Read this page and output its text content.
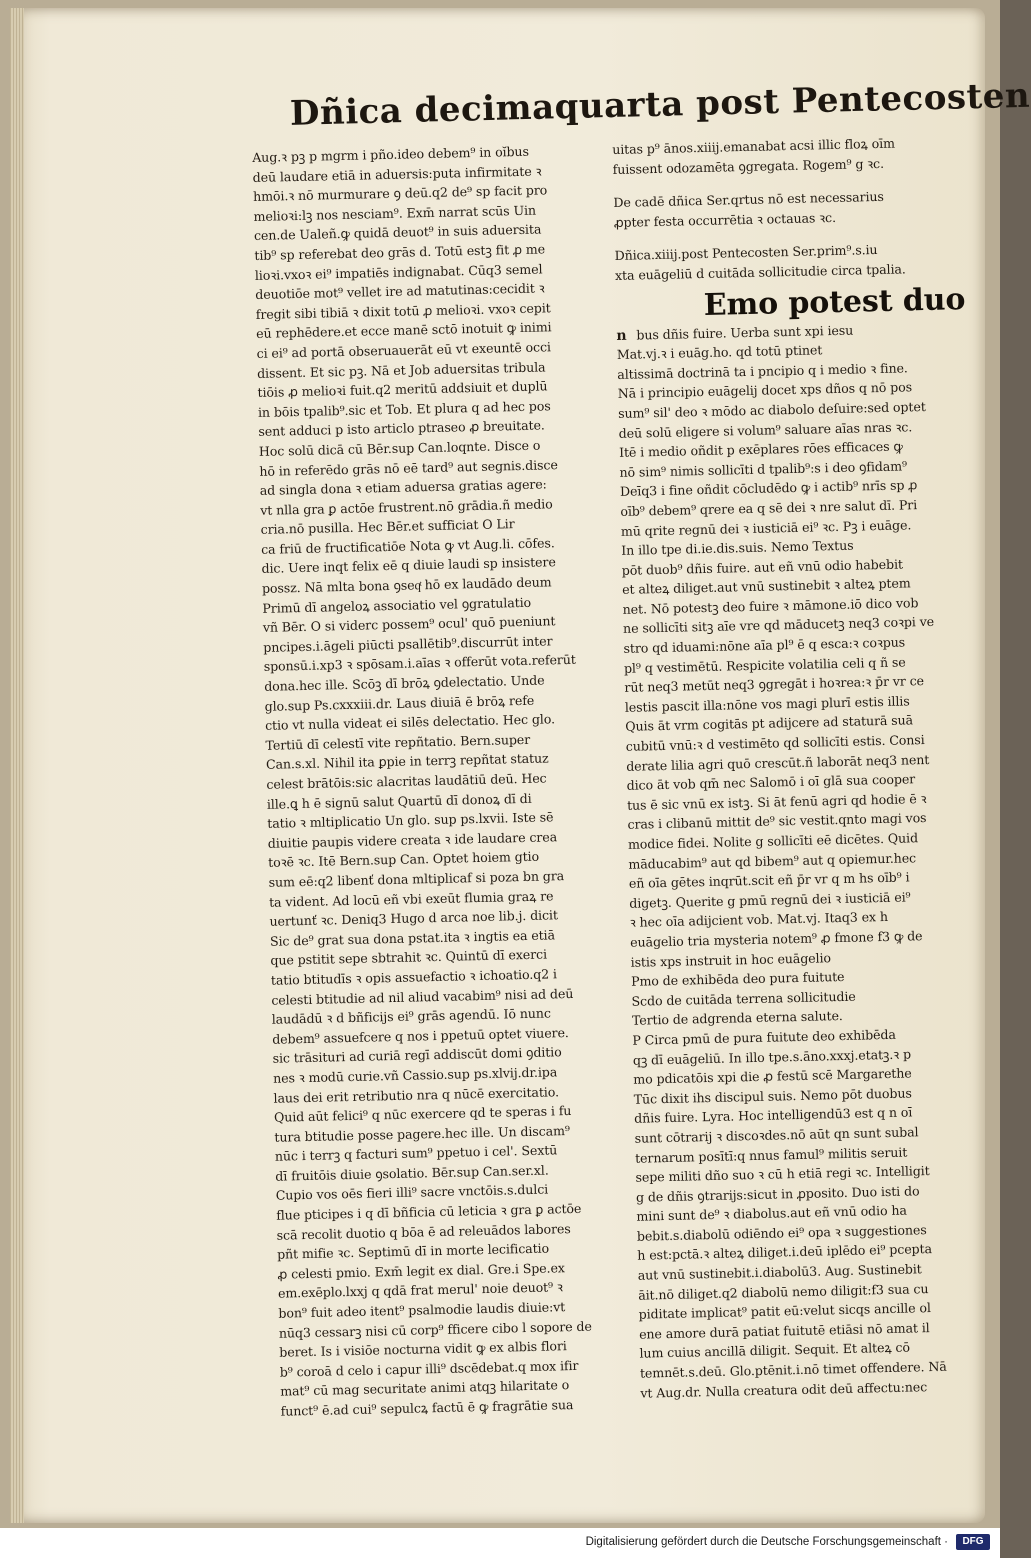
Dñica decimaquarta post Pentecosten
Aug.ꝛ pꝫ p mgrm i pño.ideo debem⁹ in oĭbus
deū laudare etiā in aduersis:puta infirmitate ꝛ
hmōi.ꝛ nō murmurare ꝯ deū.q2 de⁹ sp facit pro
melioꝛi:lꝫ nos nesciam⁹. Exm̄ narrat scūs Uin
cen.de Ualeñ.ꝙ quidā deuot⁹ in suis aduersita
tib⁹ sp referebat deo grās d. Totū estꝫ fit ꝓ me
lioꝛi.vxoꝛ ei⁹ impatiēs indignabat. Cūq3 semel
deuotiōe mot⁹ vellet ire ad matutinas:cecidit ꝛ
fregit sibi tibiā ꝛ dixit totū ꝓ melioꝛi. vxoꝛ cepit
eū rephēdere.et ecce manē sctō inotuit ꝙ inimi
ci ei⁹ ad portā obseruauerāt eū vt exeuntē occi
dissent. Et sic pꝫ. Nā et Job aduersitas tribula
tiōis ꝓ melioꝛi fuit.q2 meritū addsiuit et duplū
in bōis tpalib⁹.sic et Tob. Et plura q ad hec pos
sent adduci p isto articlo ptraseo ꝓ breuitate.
Hoc solū dicā cū Bēr.sup Can.loqnte. Disce o
hō in referēdo grās nō eē tard⁹ aut segnis.disce
ad singla dona ꝛ etiam aduersa gratias agere:
vt nlla gra ꝑ actōe frustrent.nō grādia.ñ medio
cria.nō pusilla. Hec Bēr.et sufficiat O Lir
ca friū de fructificatiōe Nota ꝙ vt Aug.li. cōfes.
dic. Uere inqt felix eē q diuie laudi sp insistere
possz. Nā mlta bona ꝯseqͭ hō ex laudādo deum
Primū dī angeloꝝ associatio vel ꝯgratulatio
vñ Bēr. O si viderc possem⁹ ocul' quō pueniunt
pncipes.i.āgeli piūcti psallētib⁹.discurrūt inter
sponsū.i.xp3 ꝛ spōsam.i.aīas ꝛ offerūt vota.referūt
dona.hec ille. Scōꝫ dī brōꝝ ꝯdelectatio. Unde
glo.sup Ps.cxxxiii.dr. Laus diuiā ē brōꝝ refe
ctio vt nulla videat ei silēs delectatio. Hec glo.
Tertiū dī celestī vite repñtatio. Bern.super
Can.s.xl. Nihil ita ꝑpie in terrꝫ repñtat statuz
celest brātōis:sic alacritas laudātiū deū. Hec
ille.ꝗ h ē signū salut Quartū dī donoꝝ dī di
tatio ꝛ mltiplicatio Un glo. sup ps.lxvii. Iste sē
diuitie paupis videre creata ꝛ ide laudare crea
toꝛē ꝛc. Itē Bern.sup Can. Optet hoiem gtio
sum eē:q2 libenť dona mltiplicaf si poza bn gra
ta vident. Ad locū eñ vbi exeūt flumia graꝝ re
uertunť ꝛc. Deniq3 Hugo d arca noe lib.j. dicit
Sic de⁹ grat sua dona pstat.ita ꝛ ingtis ea etiā
que pstitit sepe sbtrahit ꝛc. Quintū dī exerci
tatio btitudīs ꝛ opis assuefactio ꝛ ichoatio.q2 i
celesti btitudie ad nil aliud vacabim⁹ nisi ad deū
laudādū ꝛ d bñficijs ei⁹ grās agendū. Iō nunc
debem⁹ assuefcere q nos i ppetuū optet viuere.
sic trāsituri ad curiā regī addiscūt domi ꝯditio
nes ꝛ modū curie.vñ Cassio.sup ps.xlvij.dr.ipa
laus dei erit retributio nra q nūcē exercitatio.
Quid aūt felici⁹ q nūc exercere qd te speras i fu
tura btitudie posse pagere.hec ille. Un discam⁹
nūc i terrꝫ q facturi sum⁹ ppetuo i cel'. Sextū
dī fruitōis diuie ꝯsolatio. Bēr.sup Can.ser.xl.
Cupio vos oēs fieri illi⁹ sacre vnctōis.s.dulci
flue pticipes i q dī bñficia cū leticia ꝛ gra ꝑ actōe
scā recolit duotio q bōa ē ad releuādos labores
pñt mifie ꝛc. Septimū dī in morte lecificatio
ꝓ celesti pmio. Exm̄ legit ex dial. Gre.i Spe.ex
em.exēplo.lxxj q qdā frat merul' noie deuot⁹ ꝛ
bon⁹ fuit adeo itent⁹ psalmodie laudis diuie:vt
nūq3 cessarꝫ nisi cū corp⁹ fficere cibo l sopore de
beret. Is i visiōe nocturna vidit ꝙ ex albis flori
b⁹ coroā d celo i capur illi⁹ dscēdebat.q mox ifir
mat⁹ cū mag securitate animi atqꝫ hilaritate o
funct⁹ ē.ad cui⁹ sepulcꝝ factū ē ꝙ fragrātie sua
uitas p⁹ ānos.xiiij.emanabat acsi illic floꝝ oīm
fuissent odozamēta ꝯgregata. Rogem⁹ g ꝛc.
De cadē dñica Ser.qrtus nō est necessarius
ꝓpter festa occurrētia ꝛ octauas ꝛc.
Dñica.xiiij.post Pentecosten Ser.prim⁹.s.iu
xta euāgeliū d cuitāda sollicitudie circa tpalia.
Emo potest duo
n bus dñis fuire. Uerba sunt xpi iesu
Mat.vj.ꝛ i euāg.ho. qd totū ptinet
altissimā doctrinā ta i pncipio q i medio ꝛ fine.
Nā i principio euāgelij docet xps dños q nō pos
sum⁹ sil' deo ꝛ mōdo ac diabolo deſuire:sed optet
deū solū eligere si volum⁹ saluare aīas nras ꝛc.
Itē i medio oñdit p exēplares rōes efficaces ꝙ
nō sim⁹ nimis sollicīti d tpalib⁹:s i deo ꝯfidam⁹
Deīq3 i fine oñdit cōcludēdo ꝙ i actib⁹ nrīs sp ꝓ
oīb⁹ debem⁹ qrere ea q sē dei ꝛ nre salut dī. Pri
mū qrite regnū dei ꝛ iusticiā ei⁹ ꝛc. Pꝫ i euāge.
In illo tpe di.ie.dis.suis. Nemo Textus
pōt duob⁹ dñis fuire. aut eñ vnū odio habebit
et alteꝝ diliget.aut vnū sustinebit ꝛ alteꝝ ptem
net. Nō potestꝫ deo fuire ꝛ māmone.iō dico vob
ne sollicīti sitꝫ aīe vre qd māducetꝫ neq3 coꝛpi ve
stro qd iduami:nōne aīa pl⁹ ē q esca:ꝛ coꝛpus
pl⁹ q vestimētū. Respicite volatilia celi q ñ se
rūt neq3 metūt neq3 ꝯgregāt i hoꝛrea:ꝛ p̄r vr ce
lestis pascit illa:nōne vos magi plurī estis illis
Quis āt vrm cogitās pt adijcere ad staturā suā
cubitū vnū:ꝛ d vestimēto qd sollicīti estis. Consi
derate lilia agri quō crescūt.ñ laborāt neq3 nent
dico āt vob qm̄ nec Salomō i oī glā sua cooper
tus ē sic vnū ex istꝫ. Si āt fenū agri qd hodie ē ꝛ
cras i clibanū mittit de⁹ sic vestit.qnto magi vos
modice fidei. Nolite g sollicīti eē dicētes. Quid
māducabim⁹ aut qd bibem⁹ aut q opiemur.hec
eñ oīa gētes inqrūt.scit eñ p̄r vr q m hs oīb⁹ i
digetꝫ. Querite g pmū regnū dei ꝛ iusticiā ei⁹
ꝛ hec oīa adijcient vob. Mat.vj. Itaq3 ex h
euāgelio tria mysteria notem⁹ ꝓ fmone f3 ꝙ de
istis xps instruit in hoc euāgelio
Pmo de exhibēda deo pura fuitute
Scdo de cuitāda terrena sollicitudie
Tertio de adgrenda eterna salute.
P Circa pmū de pura fuitute deo exhibēda
qꝫ dī euāgeliū. In illo tpe.s.āno.xxxj.etatꝫ.ꝛ p
mo pdicatōis xpi die ꝓ festū scē Margarethe
Tūc dixit ihs discipul suis. Nemo pōt duobus
dñis fuire. Lyra. Hoc intelligendū3 est q n oī
sunt cōtrarij ꝛ discoꝛdes.nō aūt qn sunt subal
ternarum posītī:q nnus famul⁹ militis seruit
sepe militi dño suo ꝛ cū h etiā regi ꝛc. Intelligit
g de dñis ꝯtrarijs:sicut in ꝓposito. Duo isti do
mini sunt de⁹ ꝛ diabolus.aut eñ vnū odio ha
bebit.s.diabolū odiēndo ei⁹ opa ꝛ suggestiones
h est:pctā.ꝛ alteꝝ diliget.i.deū iplēdo ei⁹ pcepta
aut vnū sustinebit.i.diabolū3. Aug. Sustinebit
āit.nō diliget.q2 diabolū nemo diligit:f3 sua cu
piditate implicat⁹ patit eū:velut sicqs ancille ol
ene amore durā patiat fuitutē etiāsi nō amat il
lum cuius ancillā diligit. Sequit. Et alteꝝ cō
temnēt.s.deū. Glo.ptēnit.i.nō timet offendere. Nā
vt Aug.dr. Nulla creatura odit deū affectu:nec
Digitalisierung gefördert durch die Deutsche Forschungsgemeinschaft ·	DFG
